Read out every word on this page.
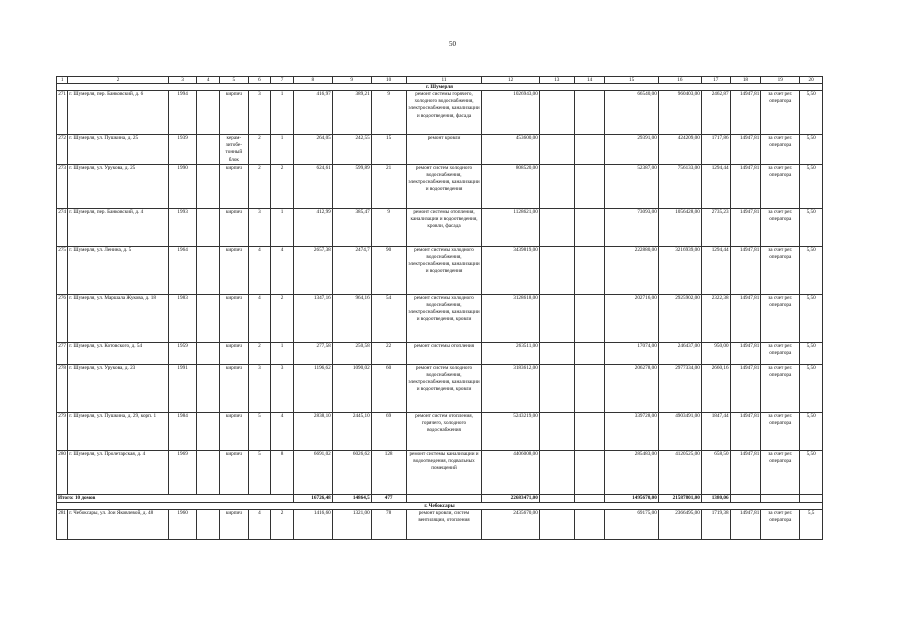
50
1	2	3	4	5	6	7	8	9	10	11	12	13	14	15	16	17	18	19	20
г. Шумерля																			
271	г. Шумерля, пер. Банковский, д. 6	1994		кирпич	3	1	416,97	389,21	9	ремонт системы горячего, холодного водоснабжения, электроснабжения, канализации и водоотведения, фасада	1026943,00			66540,00	960403,00	2462,87	14947,81	за счет рег. оператора	5,50
272	г. Шумерля, ул. Пушкина, д. 25	1939		керам-зитобе-тонный блок	2	1	264,05	242,55	15	ремонт кровли	453600,00			29391,00	424209,00	1717,86	14947,81	за счет рег. оператора	5,50
273	г. Шумерля, ул. Урукова, д. 25	1990		кирпич	2	2	624,61	599,89	21	ремонт систем холодного водоснабжения, электроснабжения, канализации и водоотведения	808520,00			52387,00	756133,00	1294,44	14947,81	за счет рег. оператора	5,50
274	г. Шумерля, пер. Банковский, д. 4	1993		кирпич	3	1	412,99	385,47	9	ремонт системы отопления, канализации и водоотведения, кровли, фасада	1128621,00			73093,00	1056428,00	2735,23	14947,81	за счет рег. оператора	5,50
275	г. Шумерля, ул. Ленина, д. 5	1964		кирпич	4	4	2657,38	2474,7	90	ремонт системы холодного водоснабжения, электроснабжения, канализации и водоотведения	3439819,00			222880,00	3216939,00	1294,44	14947,81	за счет рег. оператора	5,50
276	г. Шумерля, ул. Маршала Жукова, д. 18	1983		кирпич	4	2	1347,16	964,16	54	ремонт системы холодного водоснабжения, электроснабжения, канализации и водоотведения, кровли	3128618,00			202716,00	2925902,00	2322,38	14947,81	за счет рег. оператора	5,50
277	г. Шумерля, ул. Котовского, д. 54	1959		кирпич	2	1	277,58	250,58	22	ремонт системы отопления	263511,00			17074,00	246437,00	950,00	14947,81	за счет рег. оператора	5,50
278	г. Шумерля, ул. Урукова, д. 23	1991		кирпич	3	3	1196,62	1090,02	60	ремонт систем холодного водоснабжения, электроснабжения, канализации и водоотведения, кровли	3183612,00			206278,00	2977334,00	2660,16	14947,81	за счет рег. оператора	5,50
279	г. Шумерля, ул. Пушкина, д. 29, корп. 1	1984		кирпич	5	4	2838,10	2445,10	69	ремонт систем отопления, горячего, холодного водоснабжения	5243219,00			339728,00	4903491,00	1847,44	14947,81	за счет рег. оператора	5,50
280	г. Шумерля, ул. Пролетарская, д. 4	1969		кирпич	5	8	6691,02	6026,62	128	ремонт системы канализации и водоотведения, подвальных помещений	4406008,00			285483,00	4120525,00	658,50	14947,81	за счет рег. оператора	5,50
Итого: 10 домов							16726,48	14864,5	477		22683471,00			1495670,00	21587801,00	1380,06			
г. Чебоксары																			
281	г. Чебоксары, ул. Зои Яковлевой, д. 48	1960		кирпич	4	2	1416,60	1321,00	78	ремонт кровли, систем вентиляции, отопления	2435670,00			69175,00	2366495,00	1719,38	14947,81	за счет рег. оператора	5,5
